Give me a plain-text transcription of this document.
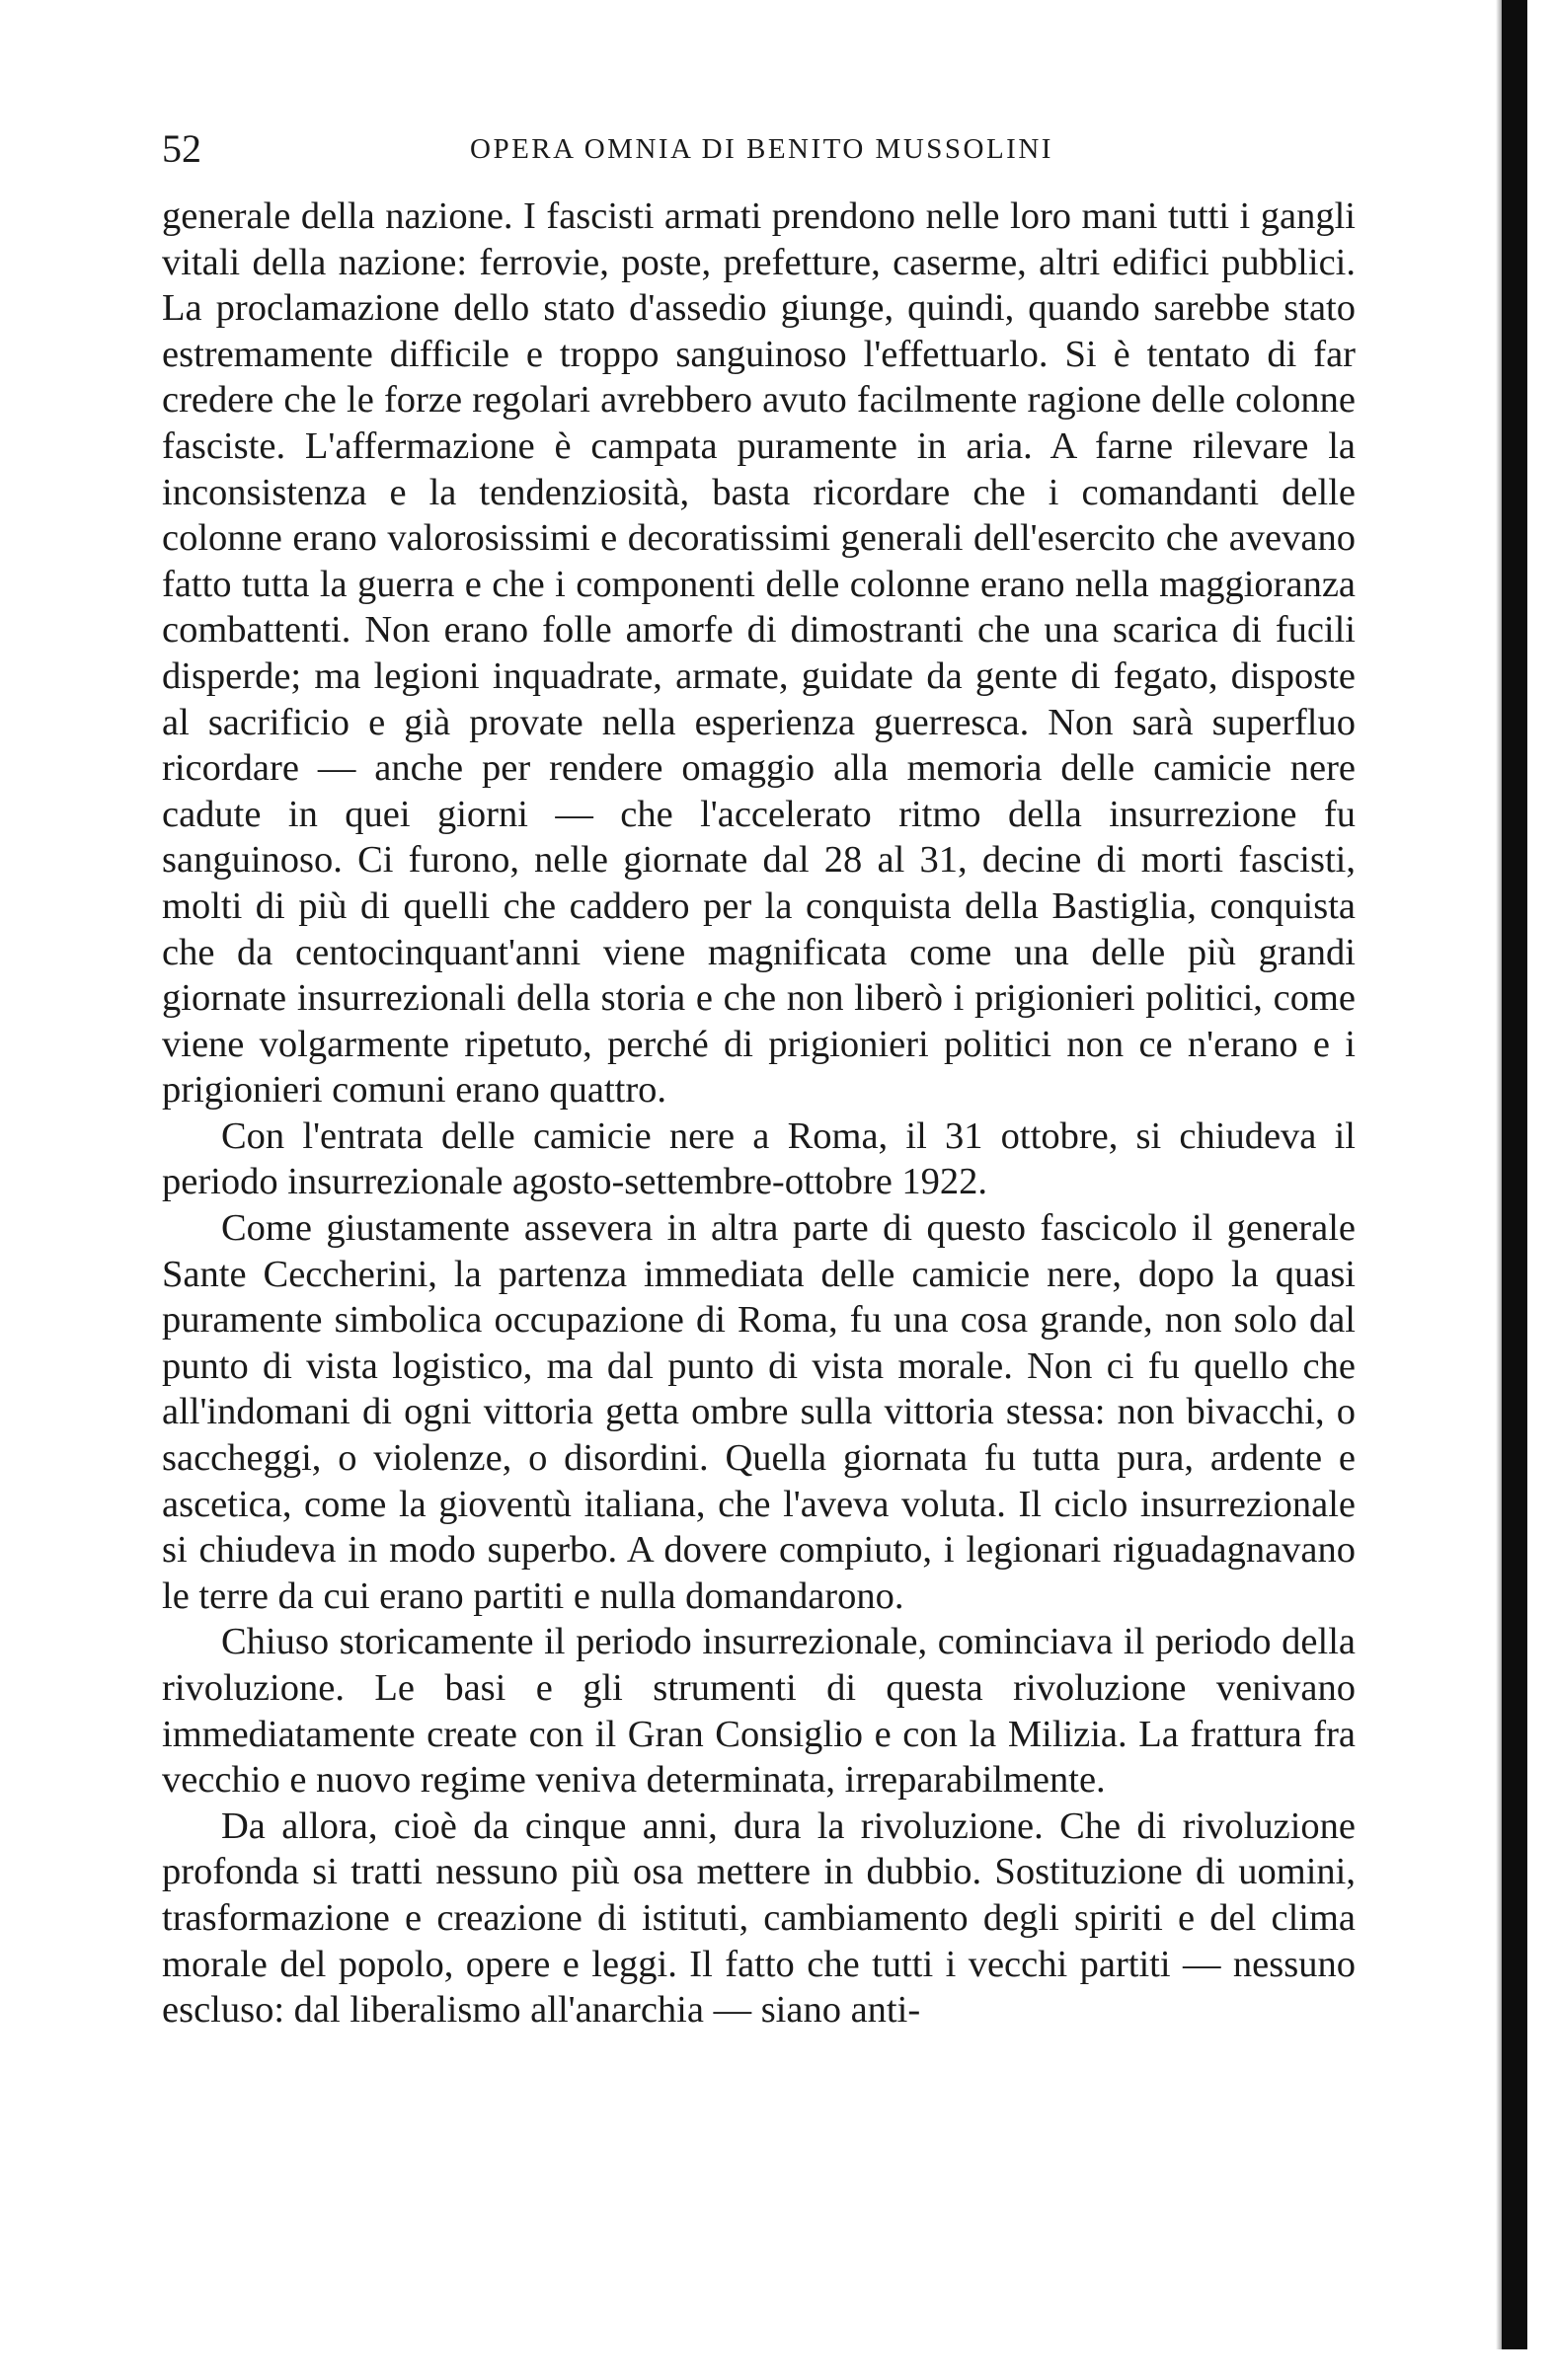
52	OPERA OMNIA DI BENITO MUSSOLINI

generale della nazione. I fascisti armati prendono nelle loro mani tutti i gangli vitali della nazione: ferrovie, poste, prefetture, caserme, altri edifici pubblici. La proclamazione dello stato d'assedio giunge, quindi, quando sarebbe stato estremamente difficile e troppo sanguinoso l'effettuarlo. Si è tentato di far credere che le forze regolari avrebbero avuto facilmente ragione delle colonne fasciste. L'affermazione è campata puramente in aria. A farne rilevare la inconsistenza e la tendenziosità, basta ricordare che i comandanti delle colonne erano valorosissimi e decoratissimi generali dell'esercito che avevano fatto tutta la guerra e che i componenti delle colonne erano nella maggioranza combattenti. Non erano folle amorfe di dimostranti che una scarica di fucili disperde; ma legioni inquadrate, armate, guidate da gente di fegato, disposte al sacrificio e già provate nella esperienza guerresca. Non sarà superfluo ricordare — anche per rendere omaggio alla memoria delle camicie nere cadute in quei giorni — che l'accelerato ritmo della insurrezione fu sanguinoso. Ci furono, nelle giornate dal 28 al 31, decine di morti fascisti, molti di più di quelli che caddero per la conquista della Bastiglia, conquista che da centocinquant'anni viene magnificata come una delle più grandi giornate insurrezionali della storia e che non liberò i prigionieri politici, come viene volgarmente ripetuto, perché di prigionieri politici non ce n'erano e i prigionieri comuni erano quattro.

Con l'entrata delle camicie nere a Roma, il 31 ottobre, si chiudeva il periodo insurrezionale agosto-settembre-ottobre 1922.

Come giustamente assevera in altra parte di questo fascicolo il generale Sante Ceccherini, la partenza immediata delle camicie nere, dopo la quasi puramente simbolica occupazione di Roma, fu una cosa grande, non solo dal punto di vista logistico, ma dal punto di vista morale. Non ci fu quello che all'indomani di ogni vittoria getta ombre sulla vittoria stessa: non bivacchi, o saccheggi, o violenze, o disordini. Quella giornata fu tutta pura, ardente e ascetica, come la gioventù italiana, che l'aveva voluta. Il ciclo insurrezionale si chiudeva in modo superbo. A dovere compiuto, i legionari riguadagnavano le terre da cui erano partiti e nulla domandarono.

Chiuso storicamente il periodo insurrezionale, cominciava il periodo della rivoluzione. Le basi e gli strumenti di questa rivoluzione venivano immediatamente create con il Gran Consiglio e con la Milizia. La frattura fra vecchio e nuovo regime veniva determinata, irreparabilmente.

Da allora, cioè da cinque anni, dura la rivoluzione. Che di rivoluzione profonda si tratti nessuno più osa mettere in dubbio. Sostituzione di uomini, trasformazione e creazione di istituti, cambiamento degli spiriti e del clima morale del popolo, opere e leggi. Il fatto che tutti i vecchi partiti — nessuno escluso: dal liberalismo all'anarchia — siano anti-
